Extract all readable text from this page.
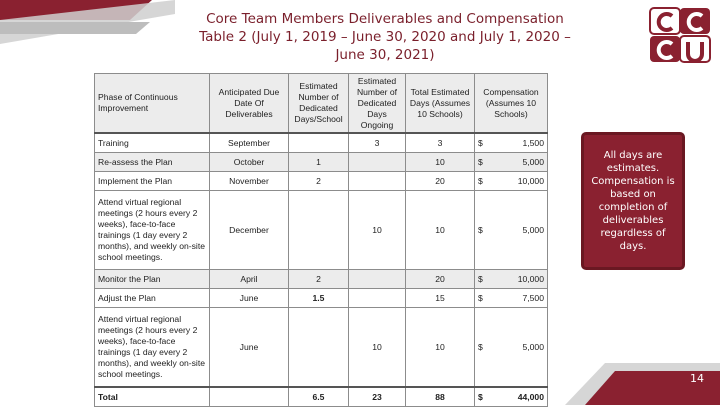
Core Team Members Deliverables and Compensation Table 2 (July 1, 2019 – June 30, 2020 and July 1, 2020 – June 30, 2021)
Phase of Continuous Improvement	Anticipated Due Date Of Deliverables	Estimated Number of Dedicated Days/School	Estimated Number of Dedicated Days Ongoing	Total Estimated Days (Assumes 10 Schools)	Compensation (Assumes 10 Schools)	
Training	September		3	3	$	1,500
Re-assess the Plan	October	1		10	$	5,000
Implement the Plan	November	2		20	$	10,000
Attend virtual regional meetings (2 hours every 2 weeks), face-to-face trainings (1 day every 2 months), and weekly on-site school meetings.	December		10	10	$	5,000
Monitor the Plan	April	2		20	$	10,000
Adjust the Plan	June	1.5		15	$	7,500
Attend virtual regional meetings (2 hours every 2 weeks), face-to-face trainings (1 day every 2 months), and weekly on-site school meetings.	June		10	10	$	5,000
Total		6.5	23	88	$	44,000
All days are estimates. Compensation is based on completion of deliverables regardless of days.
14
